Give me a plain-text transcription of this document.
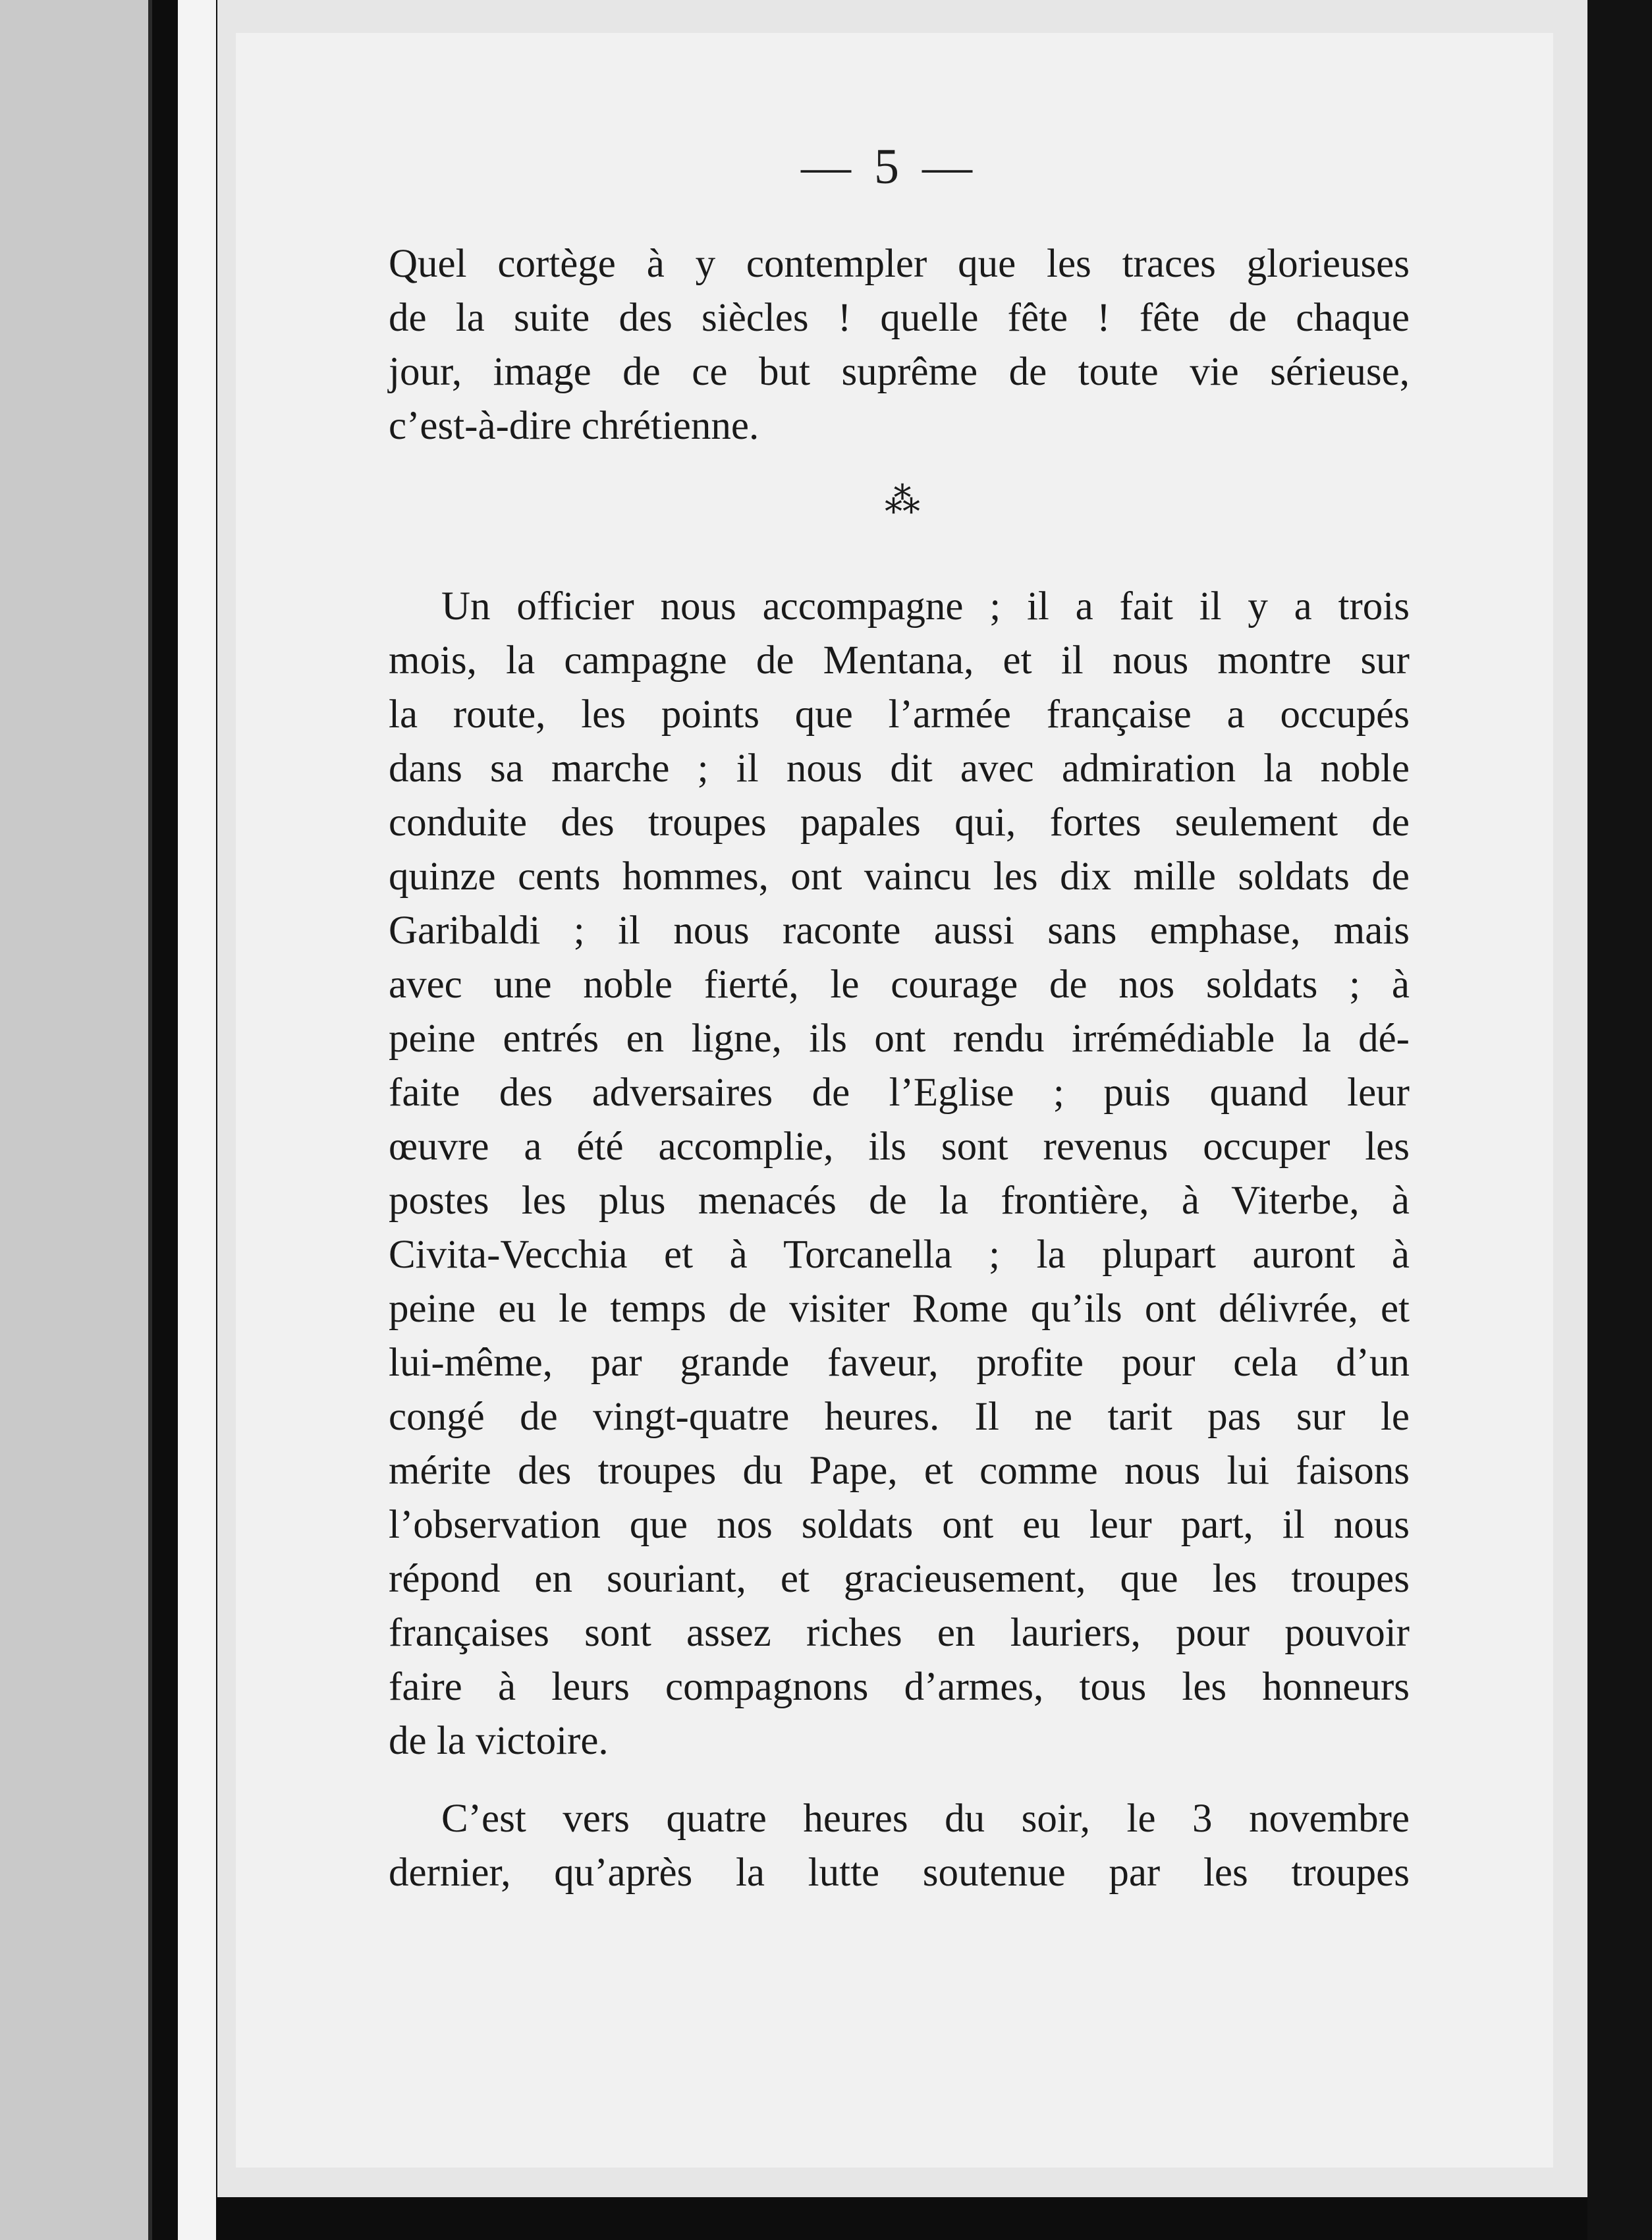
— 5 —
Quel cortège à y contempler que les traces glorieuses
de la suite des siècles ! quelle fête ! fête de chaque
jour, image de ce but suprême de toute vie sérieuse,
c’est-à-dire chrétienne.
⁂
Un officier nous accompagne ; il a fait il y a trois
mois, la campagne de Mentana, et il nous montre sur
la route, les points que l’armée française a occupés
dans sa marche ; il nous dit avec admiration la noble
conduite des troupes papales qui, fortes seulement de
quinze cents hommes, ont vaincu les dix mille soldats de
Garibaldi ; il nous raconte aussi sans emphase, mais
avec une noble fierté, le courage de nos soldats ; à
peine entrés en ligne, ils ont rendu irrémédiable la dé-
faite des adversaires de l’Eglise ; puis quand leur
œuvre a été accomplie, ils sont revenus occuper les
postes les plus menacés de la frontière, à Viterbe, à
Civita-Vecchia et à Torcanella ; la plupart auront à
peine eu le temps de visiter Rome qu’ils ont délivrée, et
lui-même, par grande faveur, profite pour cela d’un
congé de vingt-quatre heures. Il ne tarit pas sur le
mérite des troupes du Pape, et comme nous lui faisons
l’observation que nos soldats ont eu leur part, il nous
répond en souriant, et gracieusement, que les troupes
françaises sont assez riches en lauriers, pour pouvoir
faire à leurs compagnons d’armes, tous les honneurs
de la victoire.
C’est vers quatre heures du soir, le 3 novembre
dernier, qu’après la lutte soutenue par les troupes
